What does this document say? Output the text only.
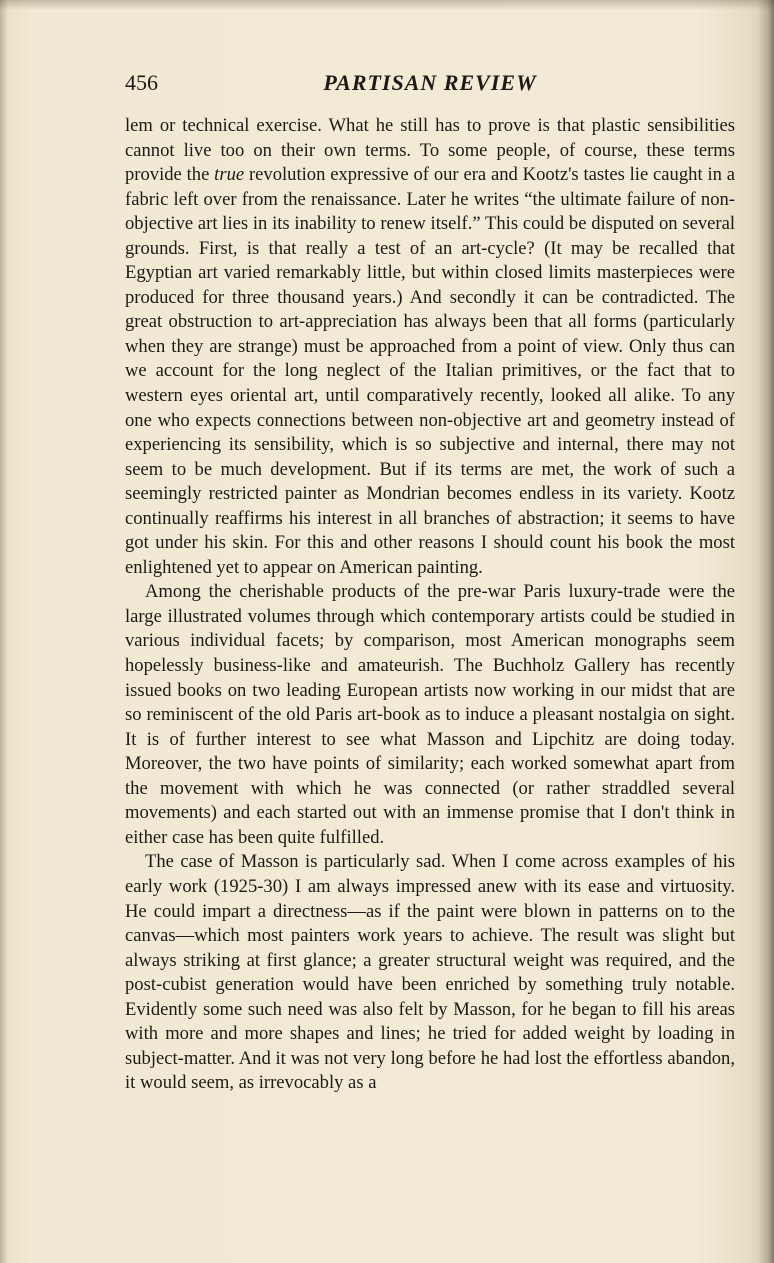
456	PARTISAN REVIEW

lem or technical exercise. What he still has to prove is that plastic sensibilities cannot live too on their own terms. To some people, of course, these terms provide the true revolution expressive of our era and Kootz's tastes lie caught in a fabric left over from the renaissance. Later he writes “the ultimate failure of non-objective art lies in its inability to renew itself.” This could be disputed on several grounds. First, is that really a test of an art-cycle? (It may be recalled that Egyptian art varied remarkably little, but within closed limits masterpieces were produced for three thousand years.) And secondly it can be contradicted. The great obstruction to art-appreciation has always been that all forms (particularly when they are strange) must be approached from a point of view. Only thus can we account for the long neglect of the Italian primitives, or the fact that to western eyes oriental art, until comparatively recently, looked all alike. To any one who expects connections between non-objective art and geometry instead of experiencing its sensibility, which is so subjective and internal, there may not seem to be much development. But if its terms are met, the work of such a seemingly restricted painter as Mondrian becomes endless in its variety. Kootz continually reaffirms his interest in all branches of abstraction; it seems to have got under his skin. For this and other reasons I should count his book the most enlightened yet to appear on American painting.

Among the cherishable products of the pre-war Paris luxury-trade were the large illustrated volumes through which contemporary artists could be studied in various individual facets; by comparison, most American monographs seem hopelessly business-like and amateurish. The Buchholz Gallery has recently issued books on two leading European artists now working in our midst that are so reminiscent of the old Paris art-book as to induce a pleasant nostalgia on sight. It is of further interest to see what Masson and Lipchitz are doing today. Moreover, the two have points of similarity; each worked somewhat apart from the movement with which he was connected (or rather straddled several movements) and each started out with an immense promise that I don't think in either case has been quite fulfilled.

The case of Masson is particularly sad. When I come across examples of his early work (1925-30) I am always impressed anew with its ease and virtuosity. He could impart a directness—as if the paint were blown in patterns on to the canvas—which most painters work years to achieve. The result was slight but always striking at first glance; a greater structural weight was required, and the post-cubist generation would have been enriched by something truly notable. Evidently some such need was also felt by Masson, for he began to fill his areas with more and more shapes and lines; he tried for added weight by loading in subject-matter. And it was not very long before he had lost the effortless abandon, it would seem, as irrevocably as a
